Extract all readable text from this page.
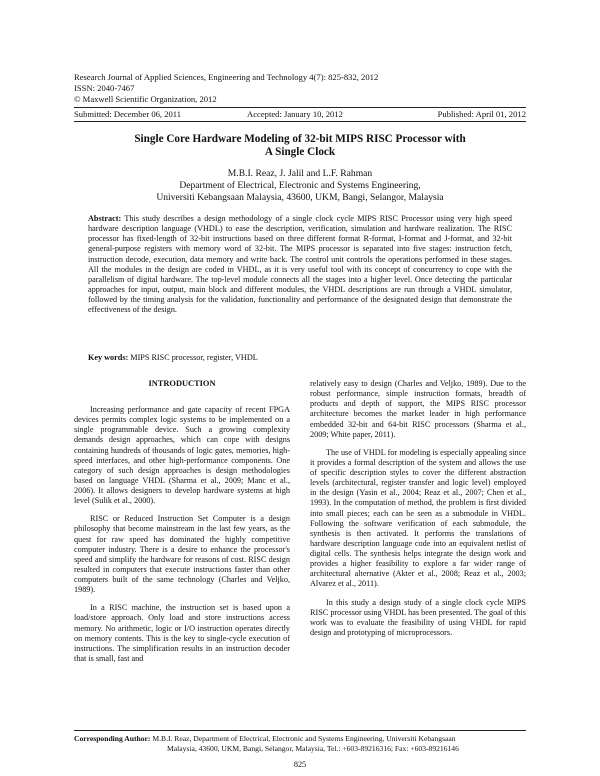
Research Journal of Applied Sciences, Engineering and Technology 4(7): 825-832, 2012
ISSN: 2040-7467
© Maxwell Scientific Organization, 2012
Submitted: December 06, 2011	Accepted: January 10, 2012	Published: April 01, 2012
Single Core Hardware Modeling of 32-bit MIPS RISC Processor with
A Single Clock
M.B.I. Reaz, J. Jalil and L.F. Rahman
Department of Electrical, Electronic and Systems Engineering,
Universiti Kebangsaan Malaysia, 43600, UKM, Bangi, Selangor, Malaysia
Abstract: This study describes a design methodology of a single clock cycle MIPS RISC Processor using very high speed hardware description language (VHDL) to ease the description, verification, simulation and hardware realization. The RISC processor has fixed-length of 32-bit instructions based on three different format R-format, I-format and J-format, and 32-bit general-purpose registers with memory word of 32-bit. The MIPS processor is separated into five stages: instruction fetch, instruction decode, execution, data memory and write back. The control unit controls the operations performed in these stages. All the modules in the design are coded in VHDL, as it is very useful tool with its concept of concurrency to cope with the parallelism of digital hardware. The top-level module connects all the stages into a higher level. Once detecting the particular approaches for input, output, main block and different modules, the VHDL descriptions are run through a VHDL simulator, followed by the timing analysis for the validation, functionality and performance of the designated design that demonstrate the effectiveness of the design.
Key words: MIPS RISC processor, register, VHDL
INTRODUCTION

Increasing performance and gate capacity of recent FPGA devices permits complex logic systems to be implemented on a single programmable device. Such a growing complexity demands design approaches, which can cope with designs containing hundreds of thousands of logic gates, memories, high-speed interfaces, and other high-performance components. One category of such design approaches is design methodologies based on language VHDL (Sharma et al., 2009; Manc et al., 2006). It allows designers to develop hardware systems at high level (Sulik et al., 2000).

RISC or Reduced Instruction Set Computer is a design philosophy that become mainstream in the last few years, as the quest for raw speed has dominated the highly competitive computer industry. There is a desire to enhance the processor's speed and simplify the hardware for reasons of cost. RISC design resulted in computers that execute instructions faster than other computers built of the same technology (Charles and Veljko, 1989).

In a RISC machine, the instruction set is based upon a load/store approach. Only load and store instructions access memory. No arithmetic, logic or I/O instruction operates directly on memory contents. This is the key to single-cycle execution of instructions. The simplification results in an instruction decoder that is small, fast and

relatively easy to design (Charles and Veljko, 1989). Due to the robust performance, simple instruction formats, breadth of products and depth of support, the MIPS RISC processor architecture becomes the market leader in high performance embedded 32-bit and 64-bit RISC processors (Sharma et al., 2009; White paper, 2011).

The use of VHDL for modeling is especially appealing since it provides a formal description of the system and allows the use of specific description styles to cover the different abstraction levels (architectural, register transfer and logic level) employed in the design (Yasin et al., 2004; Reaz et al., 2007; Chen et al., 1993). In the computation of method, the problem is first divided into small pieces; each can be seen as a submodule in VHDL. Following the software verification of each submodule, the synthesis is then activated. It performs the translations of hardware description language code into an equivalent netlist of digital cells. The synthesis helps integrate the design work and provides a higher feasibility to explore a far wider range of architectural alternative (Akter et al., 2008; Reaz et al., 2003; Alvarez et al., 2011).

In this study a design study of a single clock cycle MIPS RISC processor using VHDL has been presented. The goal of this work was to evaluate the feasibility of using VHDL for rapid design and prototyping of microprocessors.

Corresponding Author: M.B.I. Reaz, Department of Electrical, Electronic and Systems Engineering, Universiti Kebangsaan
Malaysia, 43600, UKM, Bangi, Selangor, Malaysia, Tel.: +603-89216316; Fax: +603-89216146
825
